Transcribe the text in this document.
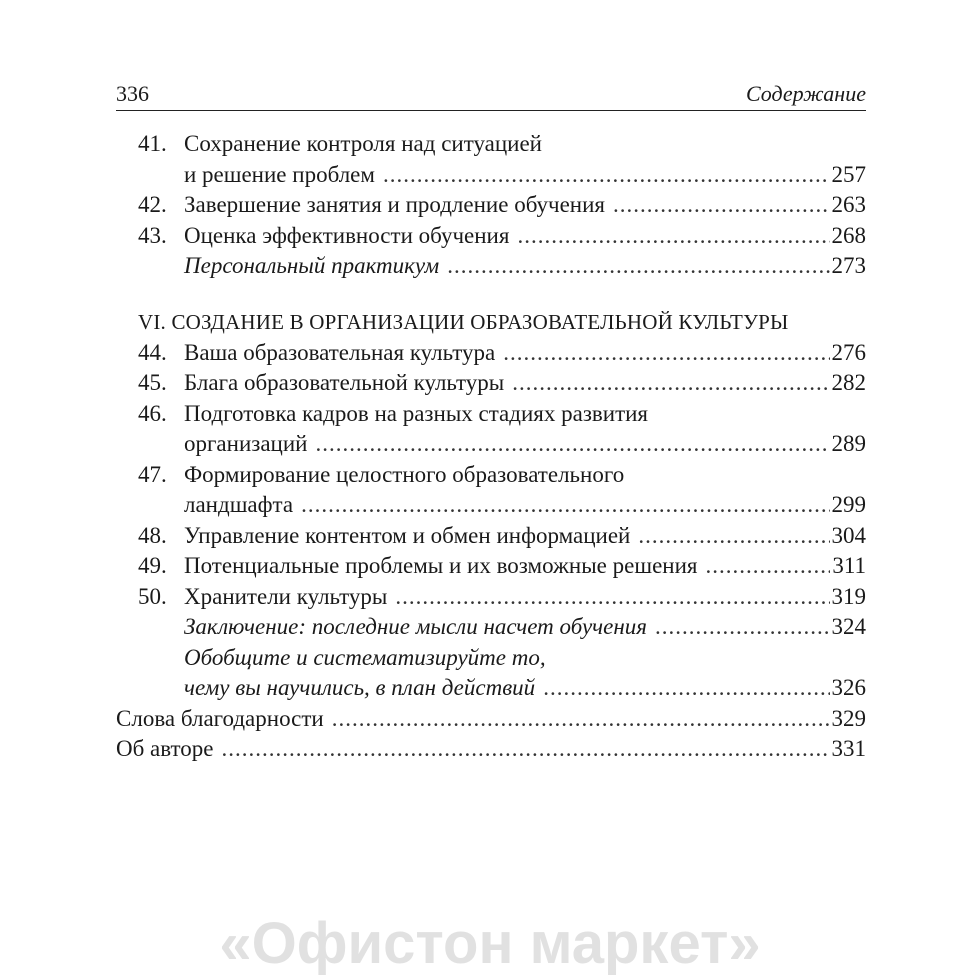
336	Содержание
41. Сохранение контроля над ситуацией
и решение проблем .....	257
42. Завершение занятия и продление обучения .....	263
43. Оценка эффективности обучения .....	268
Персональный практикум .....	273
VI. СОЗДАНИЕ В ОРГАНИЗАЦИИ ОБРАЗОВАТЕЛЬНОЙ КУЛЬТУРЫ
44. Ваша образовательная культура .....	276
45. Блага образовательной культуры .....	282
46. Подготовка кадров на разных стадиях развития
организаций .....	289
47. Формирование целостного образовательного
ландшафта .....	299
48. Управление контентом и обмен информацией .....	304
49. Потенциальные проблемы и их возможные решения .....	311
50. Хранители культуры .....	319
Заключение: последние мысли насчет обучения .....	324
Обобщите и систематизируйте то,
чему вы научились, в план действий .....	326
Слова благодарности .....	329
Об авторе .....	331
«Офистон маркет»
